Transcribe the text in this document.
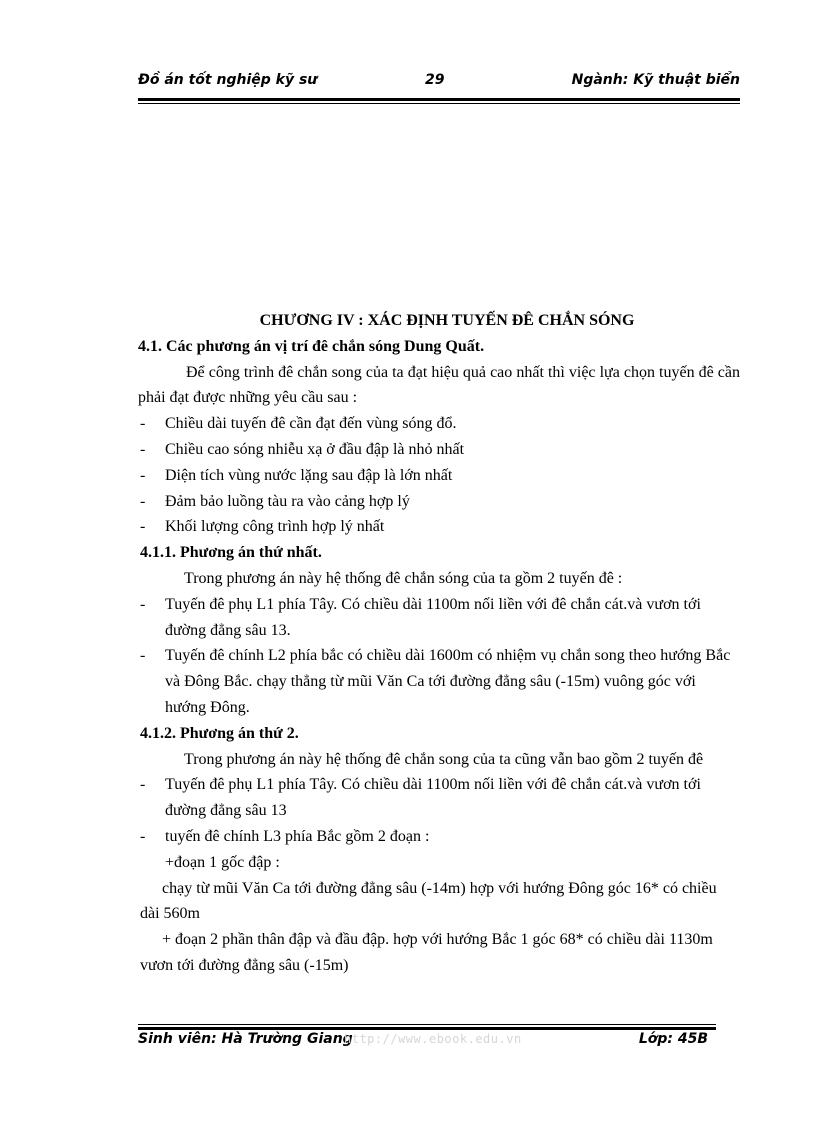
Đồ án tốt nghiệp kỹ sư	29	Ngành: Kỹ thuật biển

CHƯƠNG IV : XÁC ĐỊNH TUYẾN ĐÊ CHẮN SÓNG

4.1. Các phương án vị trí đê chắn sóng Dung Quất.

Để công trình đê chắn song của ta đạt hiệu quả cao nhất thì việc lựa chọn tuyến đê cần phải đạt được những yêu cầu sau :

- Chiều dài tuyến đê cần đạt đến vùng sóng đổ.
- Chiều cao sóng nhiễu xạ ở đầu đập là nhỏ nhất
- Diện tích vùng nước lặng sau đập là lớn nhất
- Đảm bảo luồng tàu ra vào cảng hợp lý
- Khối lượng công trình hợp lý nhất

4.1.1. Phương án thứ nhất.

Trong phương án này hệ thống đê chắn sóng của ta gồm 2 tuyến đê :

- Tuyến đê phụ L1 phía Tây. Có chiều dài 1100m nối liền với đê chắn cát.và vươn tới đường đẳng sâu 13.
- Tuyến đê chính L2 phía bắc có chiều dài 1600m có nhiệm vụ chắn song theo hướng Bắc và Đông Bắc. chạy thẳng từ mũi Văn Ca tới đường đẳng sâu (-15m) vuông góc với hướng Đông.

4.1.2. Phương án thứ 2.

Trong phương án này hệ thống đê chắn song của ta cũng vẫn bao gồm 2 tuyến đê

- Tuyến đê phụ L1 phía Tây. Có chiều dài 1100m nối liền với đê chắn cát.và vươn tới đường đẳng sâu 13
- tuyến đê chính L3 phía Bắc gồm 2 đoạn :

+đoạn 1 gốc đập :

chạy từ mũi Văn Ca tới đường đẳng sâu (-14m) hợp với hướng Đông góc 16* có chiều dài 560m

+ đoạn 2 phần thân đập và đầu đập. hợp với hướng Bắc 1 góc 68* có chiều dài 1130m vươn tới đường đẳng sâu (-15m)

Sinh viên: Hà Trường Giang
http://www.ebook.edu.vn	Lớp: 45B
